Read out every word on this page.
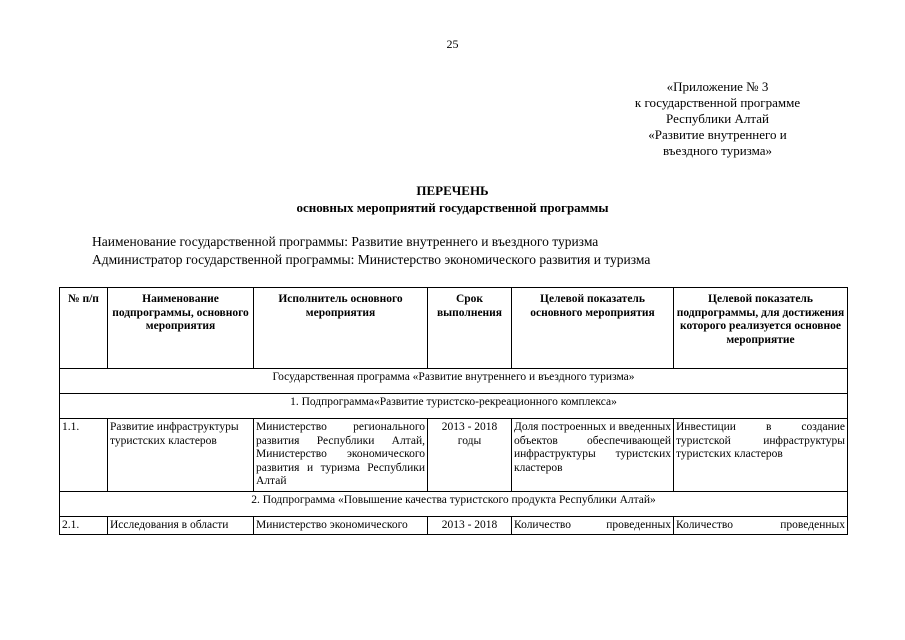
25
«Приложение № 3
к государственной программе
Республики Алтай
«Развитие внутреннего и
въездного туризма»
ПЕРЕЧЕНЬ
основных мероприятий государственной программы
Наименование государственной программы: Развитие внутреннего и въездного туризма
Администратор государственной программы: Министерство экономического развития и туризма
№ п/п	Наименование подпрограммы, основного мероприятия	Исполнитель основного мероприятия	Срок выполнения	Целевой показатель основного мероприятия	Целевой показатель подпрограммы, для достижения которого реализуется основное мероприятие
Государственная программа «Развитие внутреннего и въездного туризма»					
1. Подпрограмма«Развитие туристско-рекреационного комплекса»					
1.1.	Развитие инфраструктуры туристских кластеров	Министерство регионального развития Республики Алтай, Министерство экономического развития и туризма Республики Алтай	2013 - 2018 годы	Доля построенных и введенных объектов обеспечивающей инфраструктуры туристских кластеров	Инвестиции в создание туристской инфраструктуры туристских кластеров
2. Подпрограмма «Повышение качества туристского продукта Республики Алтай»					
2.1.	Исследования в области	Министерство экономического	2013 - 2018	Количество проведенных	Количество проведенных
